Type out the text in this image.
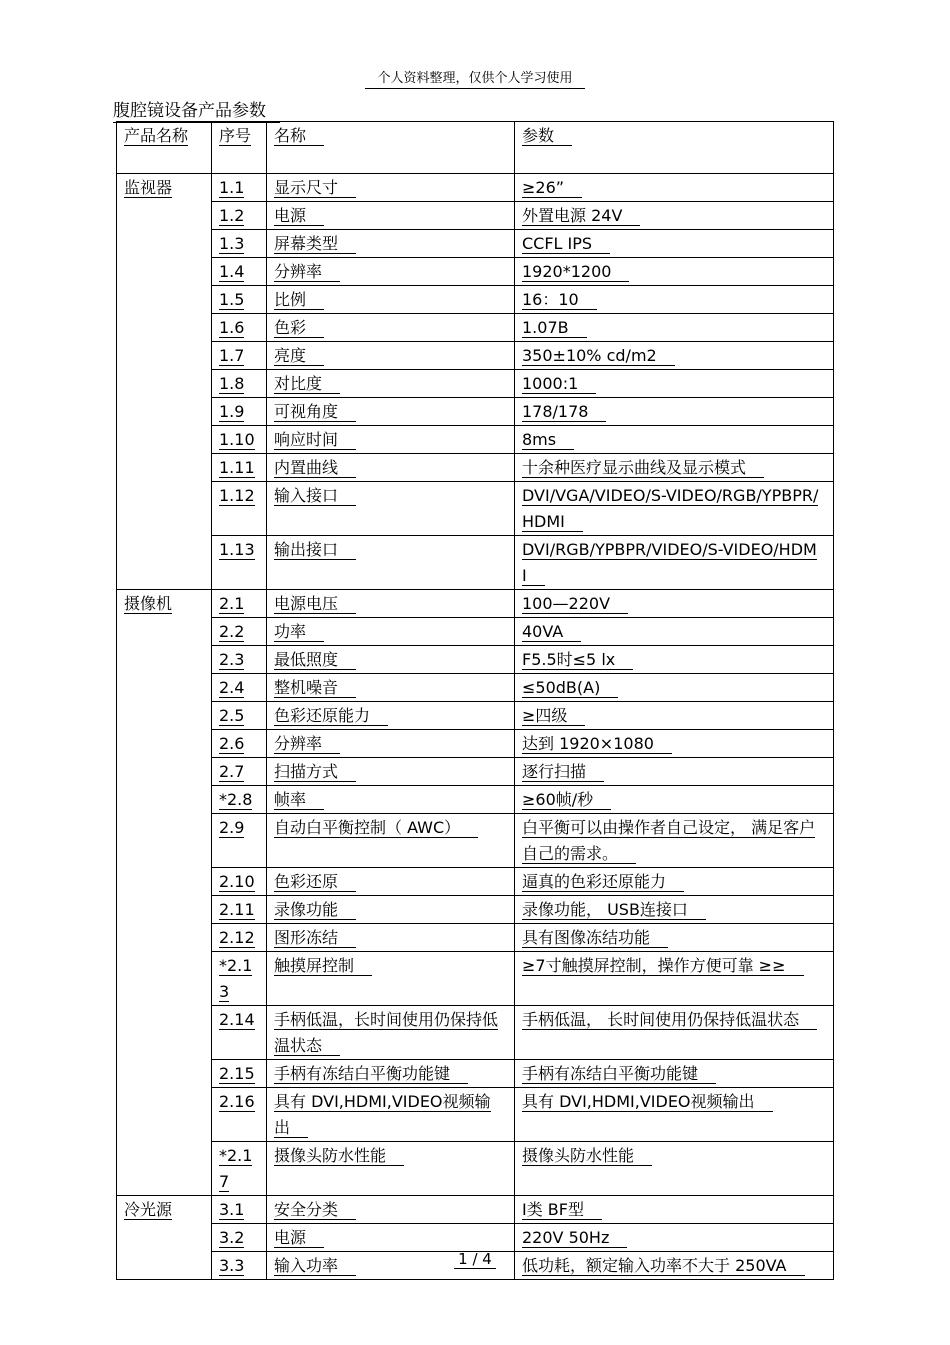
个人资料整理，仅供个人学习使用
腹腔镜设备产品参数
产品名称	序号	名称	参数
监视器	1.1	显示尺寸	≥26”
	1.2	电源	外置电源 24V
	1.3	屏幕类型	CCFL IPS
	1.4	分辨率	1920*1200
	1.5	比例	16：10
	1.6	色彩	1.07B
	1.7	亮度	350±10% cd/m2
	1.8	对比度	1000:1
	1.9	可视角度	178/178
	1.10	响应时间	8ms
	1.11	内置曲线	十余种医疗显示曲线及显示模式
	1.12	输入接口	DVI/VGA/VIDEO/S-VIDEO/RGB/YPBPR/HDMI
	1.13	输出接口	DVI/RGB/YPBPR/VIDEO/S-VIDEO/HDMI
摄像机	2.1	电源电压	100—220V
	2.2	功率	40VA
	2.3	最低照度	F5.5时≤5 lx
	2.4	整机噪音	≤50dB(A)
	2.5	色彩还原能力	≥四级
	2.6	分辨率	达到 1920×1080
	2.7	扫描方式	逐行扫描
	*2.8	帧率	≥60帧/秒
	2.9	自动白平衡控制（ AWC）	白平衡可以由操作者自己设定， 满足客户自己的需求。
	2.10	色彩还原	逼真的色彩还原能力
	2.11	录像功能	录像功能， USB连接口
	2.12	图形冻结	具有图像冻结功能
	*2.13	触摸屏控制	≥7寸触摸屏控制，操作方便可靠 ≥≥
	2.14	手柄低温，长时间使用仍保持低温状态	手柄低温， 长时间使用仍保持低温状态
	2.15	手柄有冻结白平衡功能键	手柄有冻结白平衡功能键
	2.16	具有 DVI,HDMI,VIDEO视频输出	具有 DVI,HDMI,VIDEO视频输出
	*2.17	摄像头防水性能	摄像头防水性能
冷光源	3.1	安全分类	I类 BF型
	3.2	电源	220V 50Hz
	3.3	输入功率	低功耗，额定输入功率不大于 250VA
1 / 4
